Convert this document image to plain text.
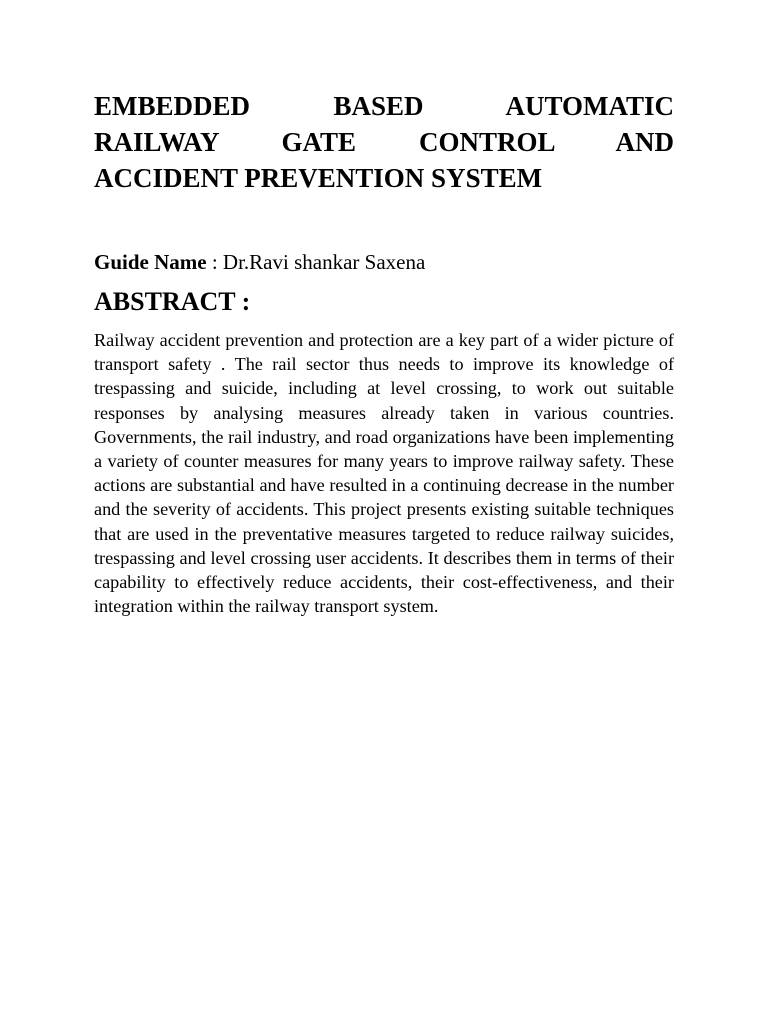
EMBEDDED BASED AUTOMATIC
RAILWAY GATE CONTROL AND
ACCIDENT PREVENTION SYSTEM

Guide Name : Dr.Ravi shankar Saxena

ABSTRACT :

Railway accident prevention and protection are a key part of a wider picture of transport safety . The rail sector thus needs to improve its knowledge of trespassing and suicide, including at level crossing, to work out suitable responses by analysing measures already taken in various countries. Governments, the rail industry, and road organizations have been implementing a variety of counter measures for many years to improve railway safety. These actions are substantial and have resulted in a continuing decrease in the number and the severity of accidents. This project presents existing suitable techniques that are used in the preventative measures targeted to reduce railway suicides, trespassing and level crossing user accidents. It describes them in terms of their capability to effectively reduce accidents, their cost-effectiveness, and their integration within the railway transport system.
